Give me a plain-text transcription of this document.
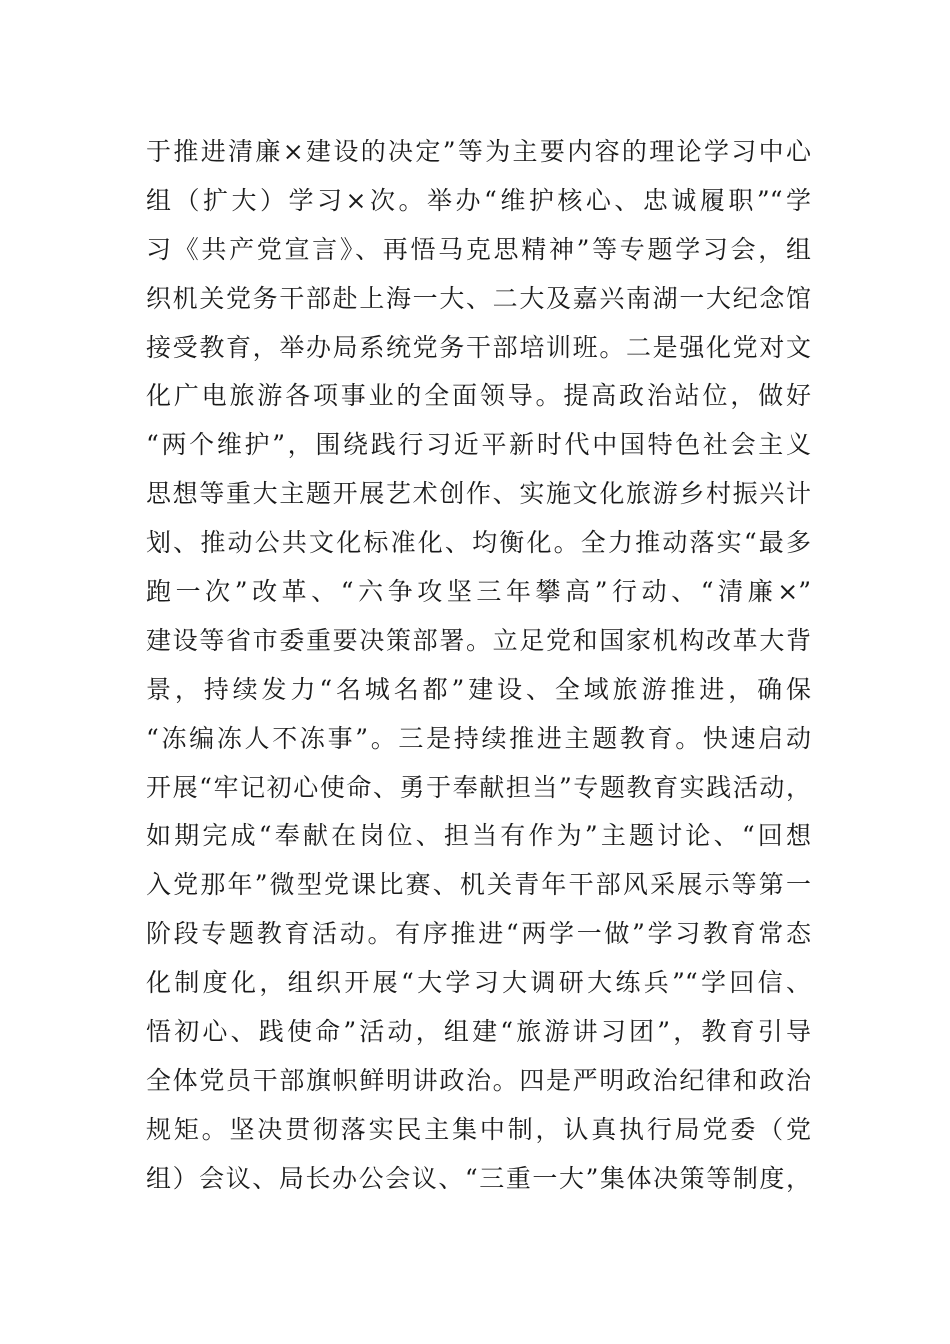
于推进清廉×建设的决定”等为主要内容的理论学习中心
组（扩大）学习×次。举办“维护核心、忠诚履职”“学
习《共产党宣言》、再悟马克思精神”等专题学习会，组
织机关党务干部赴上海一大、二大及嘉兴南湖一大纪念馆
接受教育，举办局系统党务干部培训班。二是强化党对文
化广电旅游各项事业的全面领导。提高政治站位，做好
“两个维护”，围绕践行习近平新时代中国特色社会主义
思想等重大主题开展艺术创作、实施文化旅游乡村振兴计
划、推动公共文化标准化、均衡化。全力推动落实“最多
跑一次”改革、“六争攻坚三年攀高”行动、“清廉×”
建设等省市委重要决策部署。立足党和国家机构改革大背
景，持续发力“名城名都”建设、全域旅游推进，确保
“冻编冻人不冻事”。三是持续推进主题教育。快速启动
开展“牢记初心使命、勇于奉献担当”专题教育实践活动，
如期完成“奉献在岗位、担当有作为”主题讨论、“回想
入党那年”微型党课比赛、机关青年干部风采展示等第一
阶段专题教育活动。有序推进“两学一做”学习教育常态
化制度化，组织开展“大学习大调研大练兵”“学回信、
悟初心、践使命”活动，组建“旅游讲习团”，教育引导
全体党员干部旗帜鲜明讲政治。四是严明政治纪律和政治
规矩。坚决贯彻落实民主集中制，认真执行局党委（党
组）会议、局长办公会议、“三重一大”集体决策等制度，
